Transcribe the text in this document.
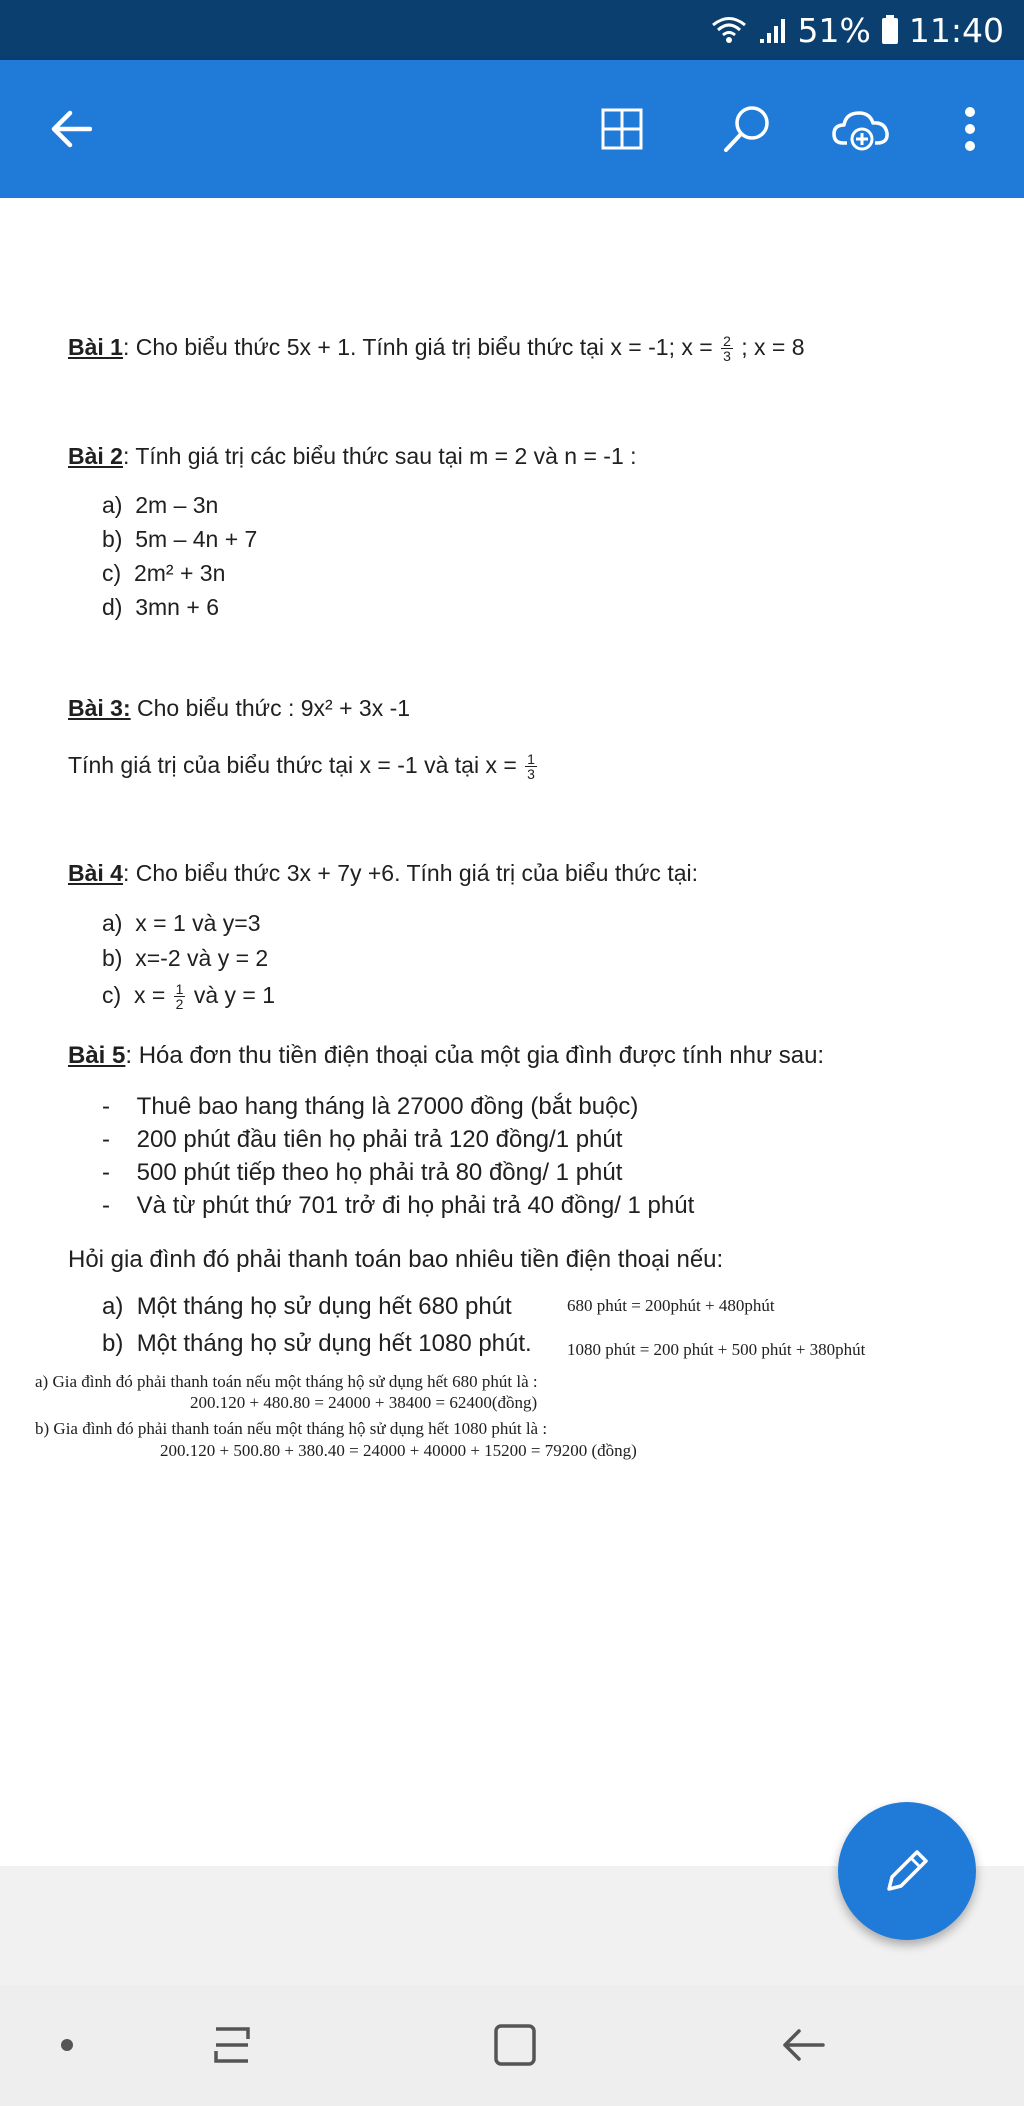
51% 11:40
Bài 1: Cho biểu thức 5x + 1. Tính giá trị biểu thức tại x = -1; $x = \frac{2}{3}$ ; x = 8
Bài 2: Tính giá trị các biểu thức sau tại m = 2 và n = -1 :
a) 2m – 3n
b) 5m – 4n + 7
c) 2m² + 3n
d) 3mn + 6
Bài 3: Cho biểu thức : 9x² + 3x -1
Tính giá trị của biểu thức tại x = -1 và tại $x = \frac{1}{3}$
Bài 4: Cho biểu thức 3x + 7y +6. Tính giá trị của biểu thức tại:
a) x = 1 và y=3
b) x=-2 và y = 2
c) $x = \frac{1}{2}$ và y = 1
Bài 5: Hóa đơn thu tiền điện thoại của một gia đình được tính như sau:
-    Thuê bao hang tháng là 27000 đồng (bắt buộc)
-    200 phút đầu tiên họ phải trả 120 đồng/1 phút
-    500 phút tiếp theo họ phải trả 80 đồng/ 1 phút
-    Và từ phút thứ 701 trở đi họ phải trả 40 đồng/ 1 phút
Hỏi gia đình đó phải thanh toán bao nhiêu tiền điện thoại nếu:
a) Một tháng họ sử dụng hết 680 phút	680 phút = 200phút + 480phút
b) Một tháng họ sử dụng hết 1080 phút. 1080 phút = 200 phút + 500 phút + 380phút
a) Gia đình đó phải thanh toán nếu một tháng hộ sử dụng hết 680 phút là :
200.120 + 480.80 = 24000 + 38400 = 62400(đồng)
b) Gia đình đó phải thanh toán nếu một tháng hộ sử dụng hết 1080 phút là :
200.120 + 500.80 + 380.40 = 24000 + 40000 + 15200 = 79200 (đồng)
